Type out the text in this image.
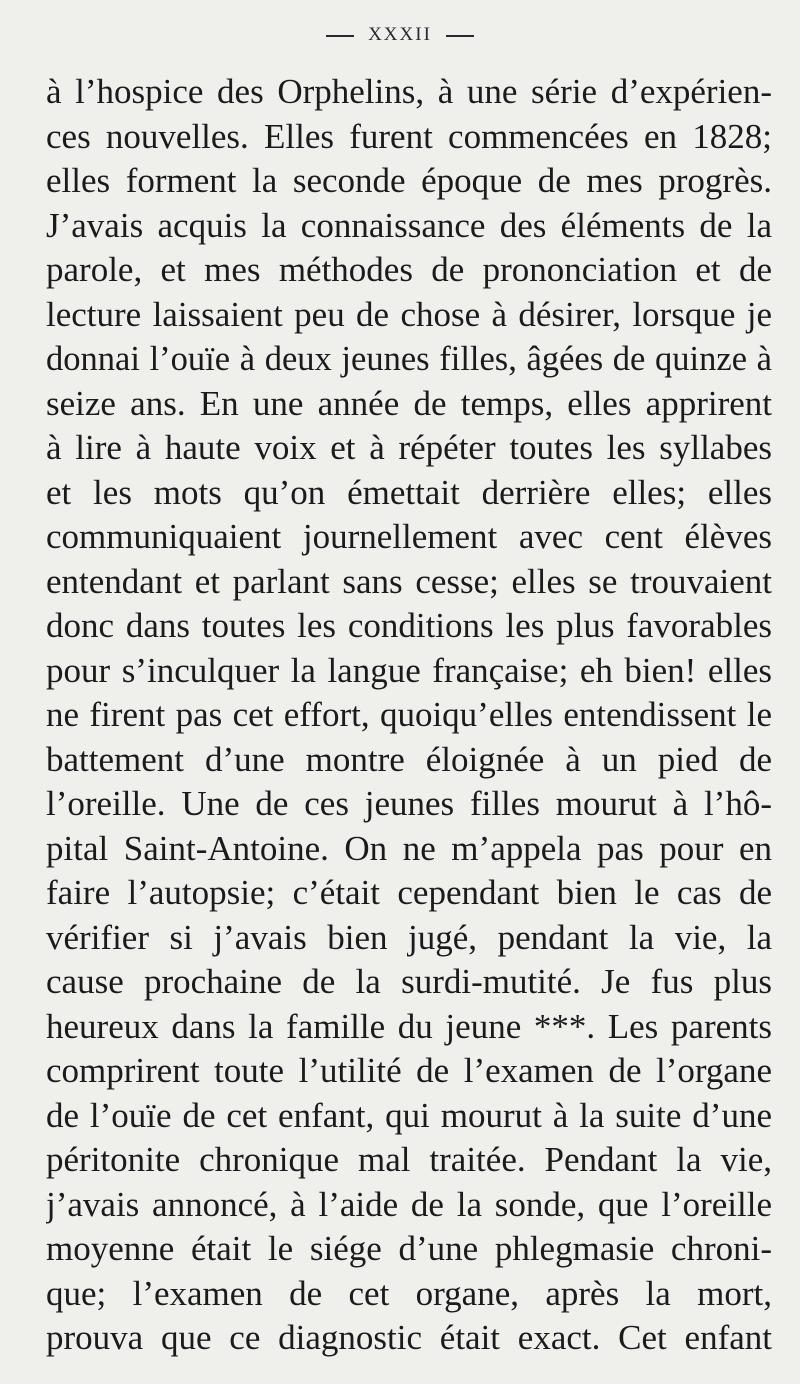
XXXII
à l’hospice des Orphelins, à une série d’expérien-
ces nouvelles. Elles furent commencées en 1828;
elles forment la seconde époque de mes progrès.
J’avais acquis la connaissance des éléments de la
parole, et mes méthodes de prononciation et de
lecture laissaient peu de chose à désirer, lorsque je
donnai l’ouïe à deux jeunes filles, âgées de quinze à
seize ans. En une année de temps, elles apprirent
à lire à haute voix et à répéter toutes les syllabes
et les mots qu’on émettait derrière elles; elles
communiquaient journellement avec cent élèves
entendant et parlant sans cesse; elles se trouvaient
donc dans toutes les conditions les plus favorables
pour s’inculquer la langue française; eh bien! elles
ne firent pas cet effort, quoiqu’elles entendissent le
battement d’une montre éloignée à un pied de
l’oreille. Une de ces jeunes filles mourut à l’hô-
pital Saint-Antoine. On ne m’appela pas pour en
faire l’autopsie; c’était cependant bien le cas de
vérifier si j’avais bien jugé, pendant la vie, la
cause prochaine de la surdi-mutité. Je fus plus
heureux dans la famille du jeune ***. Les parents
comprirent toute l’utilité de l’examen de l’organe
de l’ouïe de cet enfant, qui mourut à la suite d’une
péritonite chronique mal traitée. Pendant la vie,
j’avais annoncé, à l’aide de la sonde, que l’oreille
moyenne était le siége d’une phlegmasie chroni-
que; l’examen de cet organe, après la mort,
prouva que ce diagnostic était exact. Cet enfant
